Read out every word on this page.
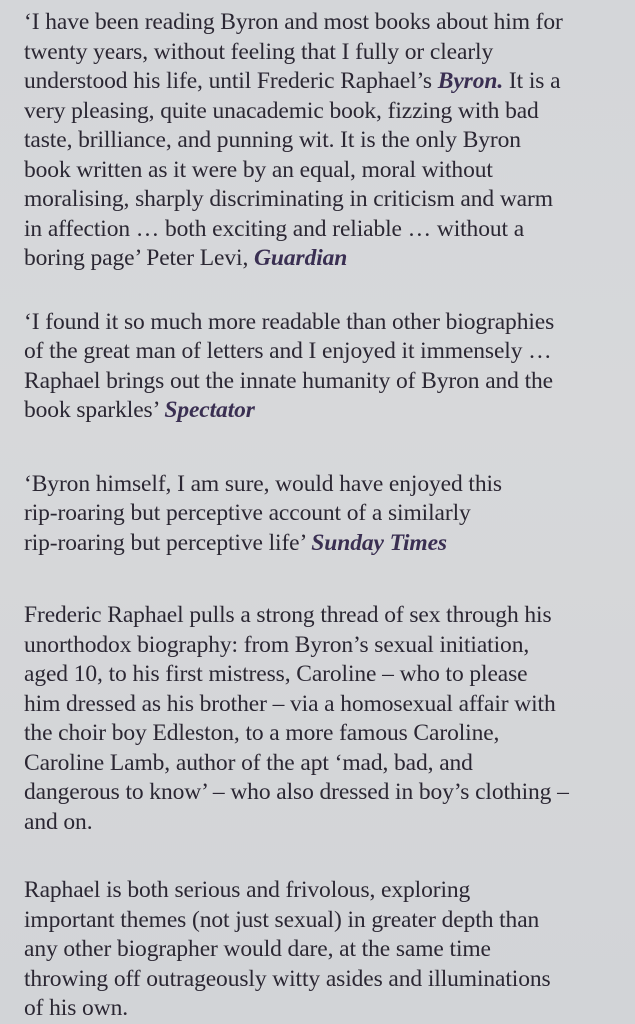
‘I have been reading Byron and most books about him for
twenty years, without feeling that I fully or clearly
understood his life, until Frederic Raphael’s Byron. It is a
very pleasing, quite unacademic book, fizzing with bad
taste, brilliance, and punning wit. It is the only Byron
book written as it were by an equal, moral without
moralising, sharply discriminating in criticism and warm
in affection … both exciting and reliable … without a
boring page’ Peter Levi, Guardian

‘I found it so much more readable than other biographies
of the great man of letters and I enjoyed it immensely …
Raphael brings out the innate humanity of Byron and the
book sparkles’ Spectator

‘Byron himself, I am sure, would have enjoyed this
rip-roaring but perceptive account of a similarly
rip-roaring but perceptive life’ Sunday Times

Frederic Raphael pulls a strong thread of sex through his
unorthodox biography: from Byron’s sexual initiation,
aged 10, to his first mistress, Caroline – who to please
him dressed as his brother – via a homosexual affair with
the choir boy Edleston, to a more famous Caroline,
Caroline Lamb, author of the apt ‘mad, bad, and
dangerous to know’ – who also dressed in boy’s clothing –
and on.

Raphael is both serious and frivolous, exploring
important themes (not just sexual) in greater depth than
any other biographer would dare, at the same time
throwing off outrageously witty asides and illuminations
of his own.
